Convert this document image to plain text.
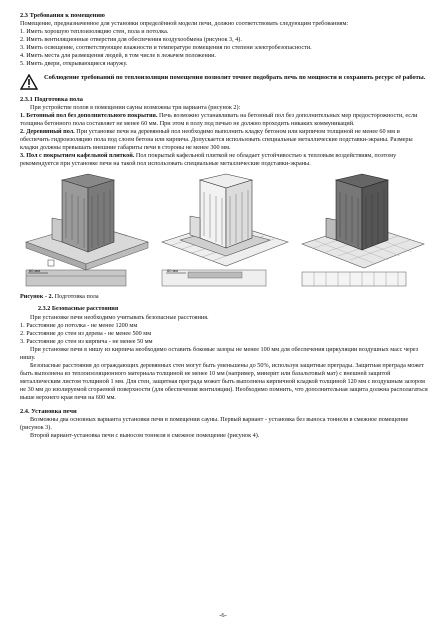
2.3 Требования к помещению

Помещение, предназначенное для установки определённой модели печи, должно соответствовать следующим требованиям:

1. Иметь хорошую теплоизоляцию стен, пола и потолка.

2. Иметь вентиляционные отверстия для обеспечения воздухообмена (рисунок 3, 4).

3. Иметь освещение, соответствующее влажности и температуре помещения по степени электробезопасности.

4. Иметь места для размещения людей, в том числе в лежачем положении.

5. Иметь двери, открывающиеся наружу.

Соблюдение требований по теплоизоляции помещения позволит точнее подобрать печь по мощности и сохранить ресурс её работы.

2.3.1 Подготовка пола

При устройстве полов в помещении сауны возможны три варианта (рисунок 2):

1. Бетонный пол без дополнительного покрытия. Печь возможно устанавливать на бетонный пол без дополнительных мер предосторожности, если толщина бетонного пола составляет не менее 60 мм. При этом в полу под печью не должно проходить никаких коммуникаций.

2. Деревянный пол. При установке печи на деревянный пол необходимо выполнить кладку бетоном или кирпичом толщиной не менее 60 мм и обеспечить гидроизоляцию пола под слоем бетона или кирпича. Допускается использовать специальные металлические подставки-экраны. Размеры кладки должны превышать внешние габариты печи в стороны не менее 300 мм.

3. Пол с покрытием кафельной плиткой. Пол покрытый кафельной плиткой не обладает устойчивостью к тепловым воздействиям, поэтому рекомендуется при установке печи на такой пол использовать специальные металлические подставки-экраны.

60 мм	60 мм

Рисунок - 2. Подготовка пола

2.3.2 Безопасные расстояния

При установке печи необходимо учитывать безопасные расстояния.

1. Расстояние до потолка - не менее 1200 мм

2. Расстояние до стен из дерева - не менее 500 мм

3. Расстояние до стен из кирпича - не менее 50 мм

При установке печи в нишу из кирпича необходимо оставить боковые зазоры не менее 100 мм для обеспечения циркуляции воздушных масс через нишу.

Безопасные расстояния до ограждающих деревянных стен могут быть уменьшены до 50%, используя защитные преграды. Защитная преграда может быть выполнена из теплоизоляционного материала толщиной не менее 10 мм (например, минерит или базальтовый мат) с внешней защитой металлическим листом толщиной 1 мм. Для стен, защитная преграда может быть выполнена кирпичной кладкой толщиной 120 мм с воздушным зазором не 30 мм до изолируемой сгораемой поверхности (для обеспечения вентиляции). Необходимо помнить, что дополнительная защита должна располагаться выше верхнего края печи на 600 мм.

2.4. Установка печи

Возможны два основных варианта установки печи в помещении сауны. Первый вариант - установка без выноса тоннеля в смежное помещение (рисунок 3).

Второй вариант-установка печи с выносом тоннеля в смежное помещение (рисунок 4).

-6-
